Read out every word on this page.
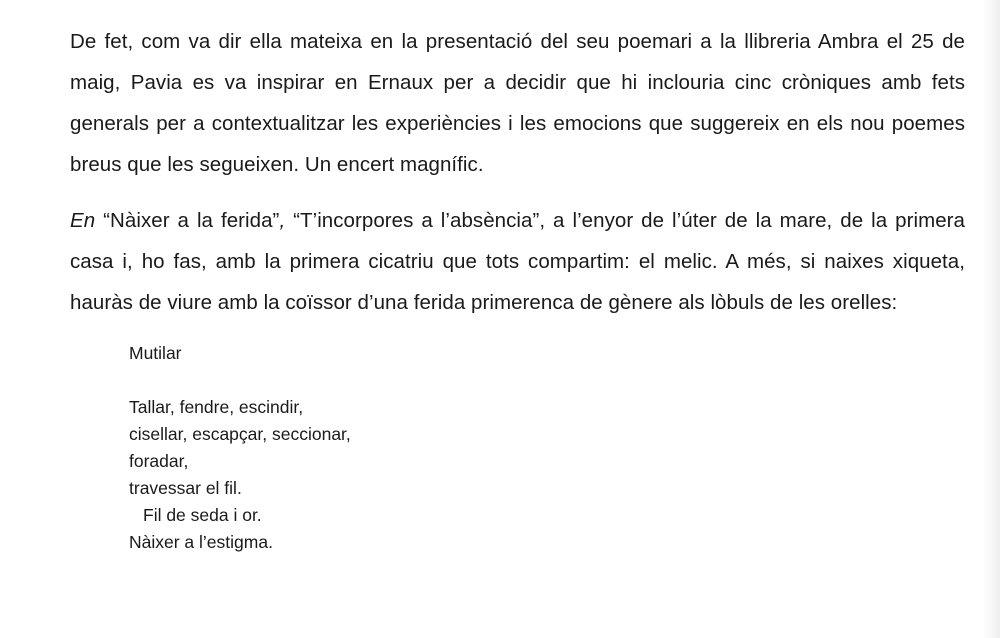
De fet, com va dir ella mateixa en la presentació del seu poemari a la llibreria Ambra el 25 de maig, Pavia es va inspirar en Ernaux per a decidir que hi inclouria cinc cròniques amb fets generals per a contextualitzar les experiències i les emocions que suggereix en els nou poemes breus que les segueixen. Un encert magnífic.

En “Nàixer a la ferida”, “T’incorpores a l’absència”, a l’enyor de l’úter de la mare, de la primera casa i, ho fas, amb la primera cicatriu que tots compartim: el melic. A més, si naixes xiqueta, hauràs de viure amb la coïssor d’una ferida primerenca de gènere als lòbuls de les orelles:

Mutilar

Tallar, fendre, escindir,
cisellar, escapçar, seccionar,
foradar,
travessar el fil.
Fil de seda i or.
Nàixer a l’estigma.
